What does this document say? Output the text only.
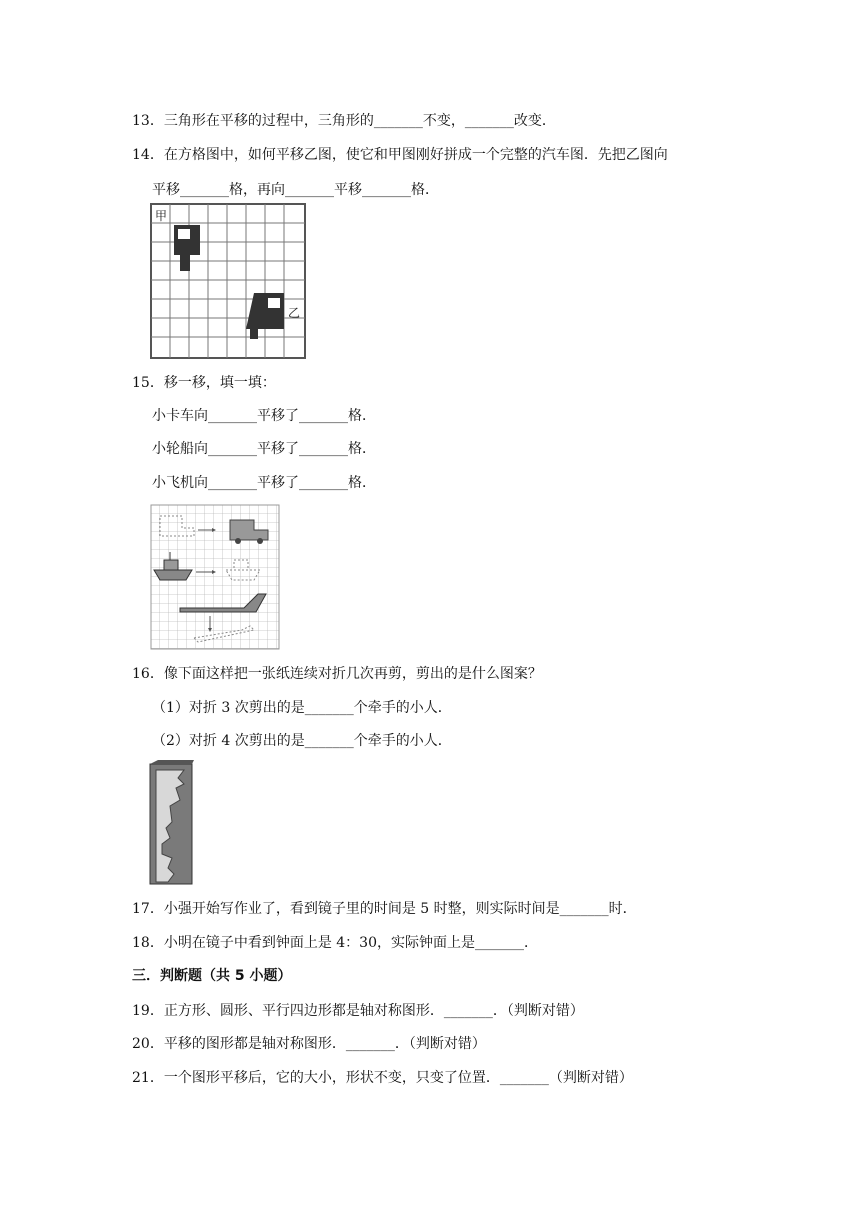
13．三角形在平移的过程中，三角形的_______不变，_______改变．
14．在方格图中，如何平移乙图，使它和甲图刚好拼成一个完整的汽车图．先把乙图向
平移_______格，再向_______平移_______格．
甲
乙
15．移一移，填一填：
小卡车向_______平移了_______格．
小轮船向_______平移了_______格．
小飞机向_______平移了_______格．
16．像下面这样把一张纸连续对折几次再剪，剪出的是什么图案？
（1）对折 3 次剪出的是_______个牵手的小人．
（2）对折 4 次剪出的是_______个牵手的小人．
17．小强开始写作业了，看到镜子里的时间是 5 时整，则实际时间是_______时．
18．小明在镜子中看到钟面上是 4：30，实际钟面上是_______．
三．判断题（共 5 小题）
19．正方形、圆形、平行四边形都是轴对称图形．_______．（判断对错）
20．平移的图形都是轴对称图形．_______．（判断对错）
21．一个图形平移后，它的大小，形状不变，只变了位置．_______（判断对错）
